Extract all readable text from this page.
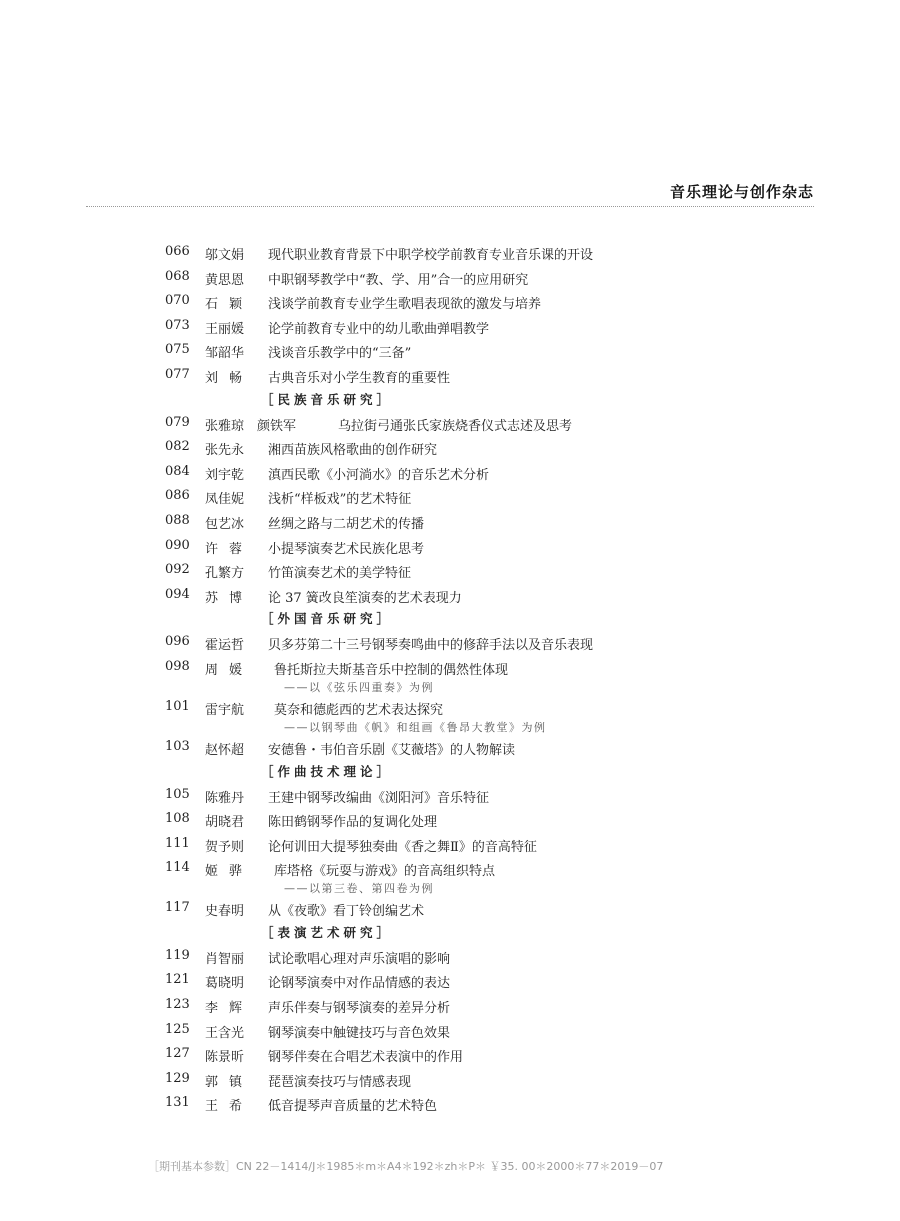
音乐理论与创作杂志
066	邬文娟	现代职业教育背景下中职学校学前教育专业音乐课的开设
068	黄思恩	中职钢琴教学中“教、学、用”合一的应用研究
070	石颖	浅谈学前教育专业学生歌唱表现欲的激发与培养
073	王丽媛	论学前教育专业中的幼儿歌曲弹唱教学
075	邹韶华	浅谈音乐教学中的“三备”
077	刘畅	古典音乐对小学生教育的重要性
［民族音乐研究］
079	张雅琼　颜铁军	乌拉街弓通张氏家族烧香仪式志述及思考
082	张先永	湘西苗族风格歌曲的创作研究
084	刘宇乾	滇西民歌《小河淌水》的音乐艺术分析
086	凤佳妮	浅析“样板戏”的艺术特征
088	包艺冰	丝绸之路与二胡艺术的传播
090	许蓉	小提琴演奏艺术民族化思考
092	孔繁方	竹笛演奏艺术的美学特征
094	苏博	论 37 簧改良笙演奏的艺术表现力
［外国音乐研究］
096	霍运哲	贝多芬第二十三号钢琴奏鸣曲中的修辞手法以及音乐表现
098	周媛	鲁托斯拉夫斯基音乐中控制的偶然性体现
——以《弦乐四重奏》为例
101	雷宇航	莫奈和德彪西的艺术表达探究
——以钢琴曲《帆》和组画《鲁昂大教堂》为例
103	赵怀超	安德鲁・韦伯音乐剧《艾薇塔》的人物解读
［作曲技术理论］
105	陈雅丹	王建中钢琴改编曲《浏阳河》音乐特征
108	胡晓君	陈田鹤钢琴作品的复调化处理
111	贺予则	论何训田大提琴独奏曲《香之舞Ⅱ》的音高特征
114	姬骅	库塔格《玩耍与游戏》的音高组织特点
——以第三卷、第四卷为例
117	史春明	从《夜歌》看丁铃创编艺术
［表演艺术研究］
119	肖智丽	试论歌唱心理对声乐演唱的影响
121	葛晓明	论钢琴演奏中对作品情感的表达
123	李辉	声乐伴奏与钢琴演奏的差异分析
125	王含光	钢琴演奏中触键技巧与音色效果
127	陈景昕	钢琴伴奏在合唱艺术表演中的作用
129	郭镇	琵琶演奏技巧与情感表现
131	王希	低音提琴声音质量的艺术特色
［期刊基本参数］CN 22－1414/J＊1985＊m＊A4＊192＊zh＊P＊ ￥35. 00＊2000＊77＊2019－07
